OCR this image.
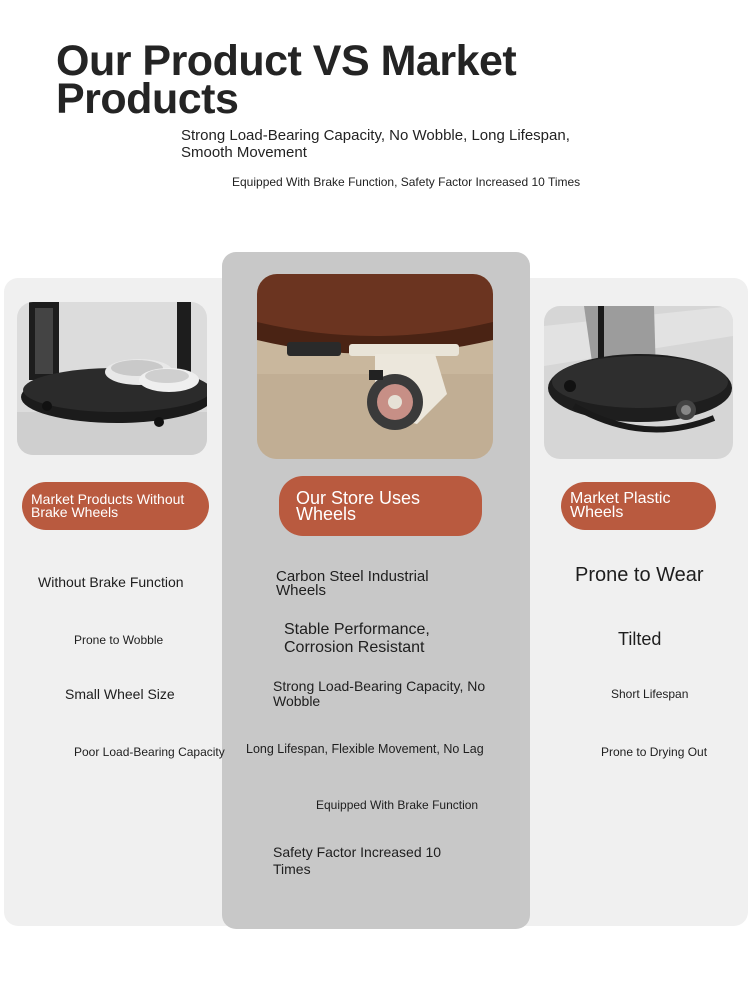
Our Product VS Market Products
Strong Load-Bearing Capacity, No Wobble, Long Lifespan, Smooth Movement
Equipped With Brake Function, Safety Factor Increased 10 Times
Market Products Without Brake Wheels
Our Store Uses Wheels
Market Plastic Wheels
Without Brake Function
Prone to Wobble
Small Wheel Size
Poor Load-Bearing Capacity
Carbon Steel Industrial Wheels
Stable Performance, Corrosion Resistant
Strong Load-Bearing Capacity, No Wobble
Long Lifespan, Flexible Movement, No Lag
Equipped With Brake Function
Safety Factor Increased 10 Times
Prone to Wear
Tilted
Short Lifespan
Prone to Drying Out
